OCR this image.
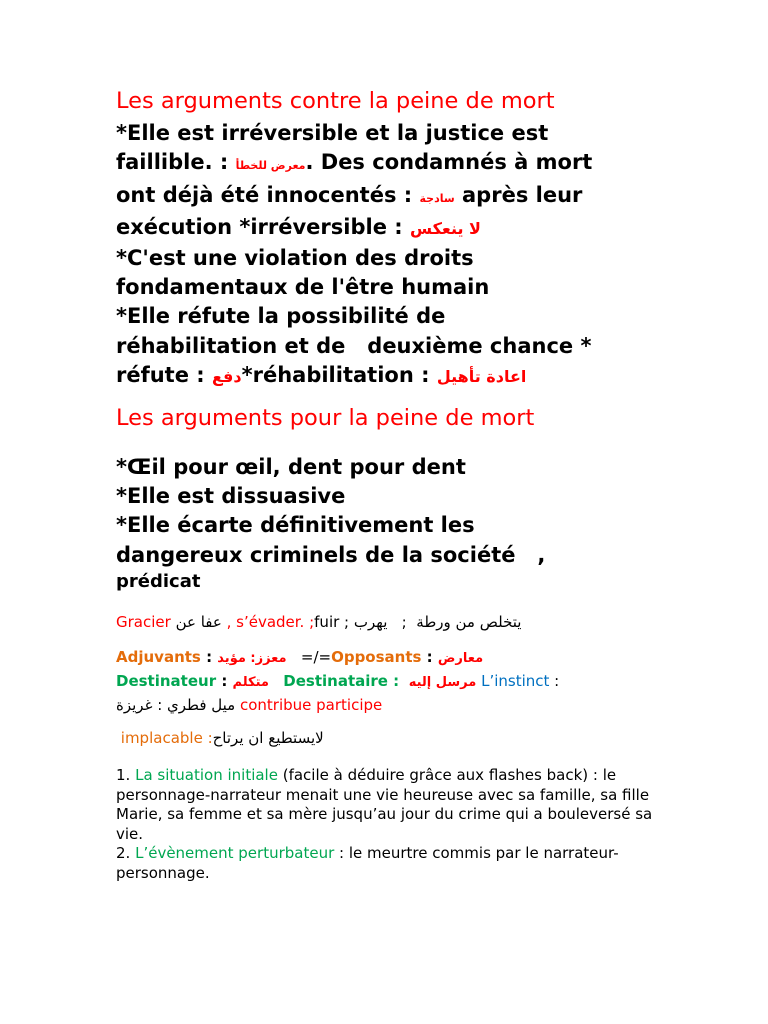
Les arguments contre la peine de mort

*Elle est irréversible et la justice est

faillible. : معرض للخطأ. Des condamnés à mort

ont déjà été innocentés : سادجة après leur

exécution *irréversible : لا ينعكس

*C'est une violation des droits

fondamentaux de l'être humain

*Elle réfute la possibilité de

réhabilitation et de   deuxième chance *

réfute : دفع*réhabilitation : اعادة تأهيل

Les arguments pour la peine de mort

*Œil pour œil, dent pour dent

*Elle est dissuasive

*Elle écarte définitivement les

dangereux criminels de la société   ,

prédicat

Gracier عفا عن , s’évader. ;fuir ; يتخلص من ورطة  ;   يهرب

Adjuvants : معزز: مؤيد   =/=Opposants : معارض

Destinateur : متكلم Destinataire : مرسل إليه L’instinct :

ميل فطري : غريزة contribue participe

implacable :لايستطيع ان يرتاح

1. La situation initiale (facile à déduire grâce aux flashes back) : le personnage-narrateur menait une vie heureuse avec sa famille, sa fille Marie, sa femme et sa mère jusqu’au jour du crime qui a bouleversé sa vie.

2. L’évènement perturbateur : le meurtre commis par le narrateur-personnage.
